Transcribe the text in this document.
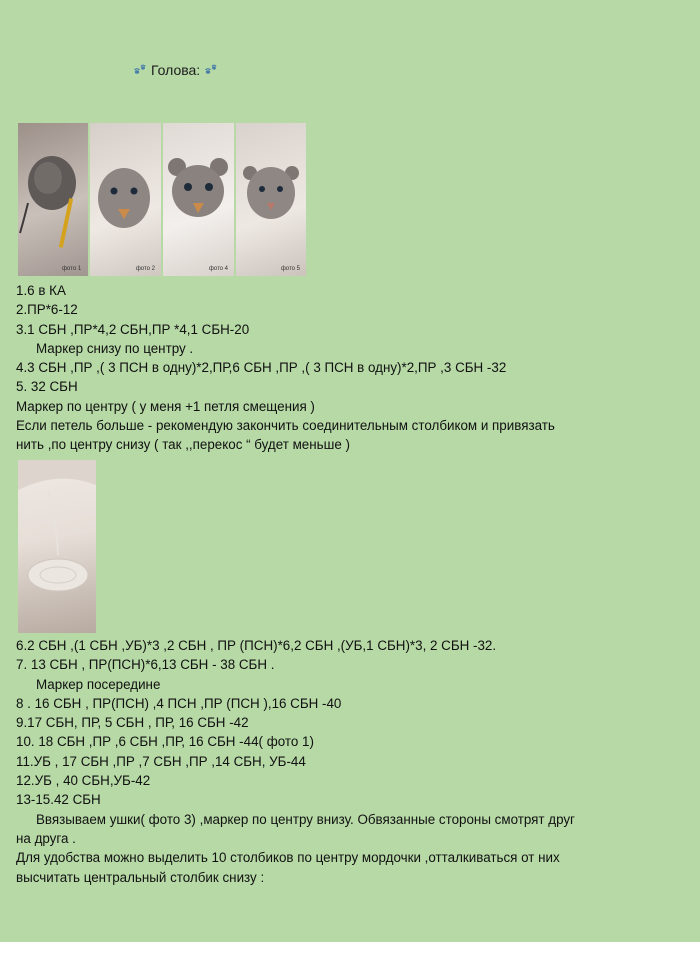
Голова:
фото 1	фото 2	фото 4	фото 5
1.6 в КА
2.ПР*6-12
3.1 СБН ,ПР*4,2 СБН,ПР *4,1 СБН-20
Маркер снизу по центру .
4.3 СБН ,ПР ,( 3 ПСН в одну)*2,ПР,6 СБН ,ПР ,( 3 ПСН в одну)*2,ПР ,3 СБН -32
5. 32 СБН
Маркер по центру ( у меня +1 петля смещения )
Если петель больше - рекомендую закончить соединительным столбиком и привязать
нить ,по центру снизу ( так ,,перекос “ будет меньше )
6.2 СБН ,(1 СБН ,УБ)*3 ,2 СБН , ПР (ПСН)*6,2 СБН ,(УБ,1 СБН)*3, 2 СБН -32.
7. 13 СБН , ПР(ПСН)*6,13 СБН - 38 СБН .
Маркер посередине
8 . 16 СБН , ПР(ПСН) ,4 ПСН ,ПР (ПСН ),16 СБН -40
9.17 СБН, ПР, 5 СБН , ПР, 16 СБН -42
10. 18 СБН ,ПР ,6 СБН ,ПР, 16 СБН -44( фото 1)
11.УБ , 17 СБН ,ПР ,7 СБН ,ПР ,14 СБН, УБ-44
12.УБ , 40 СБН,УБ-42
13-15.42 СБН
Ввязываем ушки( фото 3) ,маркер по центру внизу. Обвязанные стороны смотрят друг
на друга .
Для удобства можно выделить 10 столбиков по центру мордочки ,отталкиваться от них
высчитать центральный столбик снизу :
